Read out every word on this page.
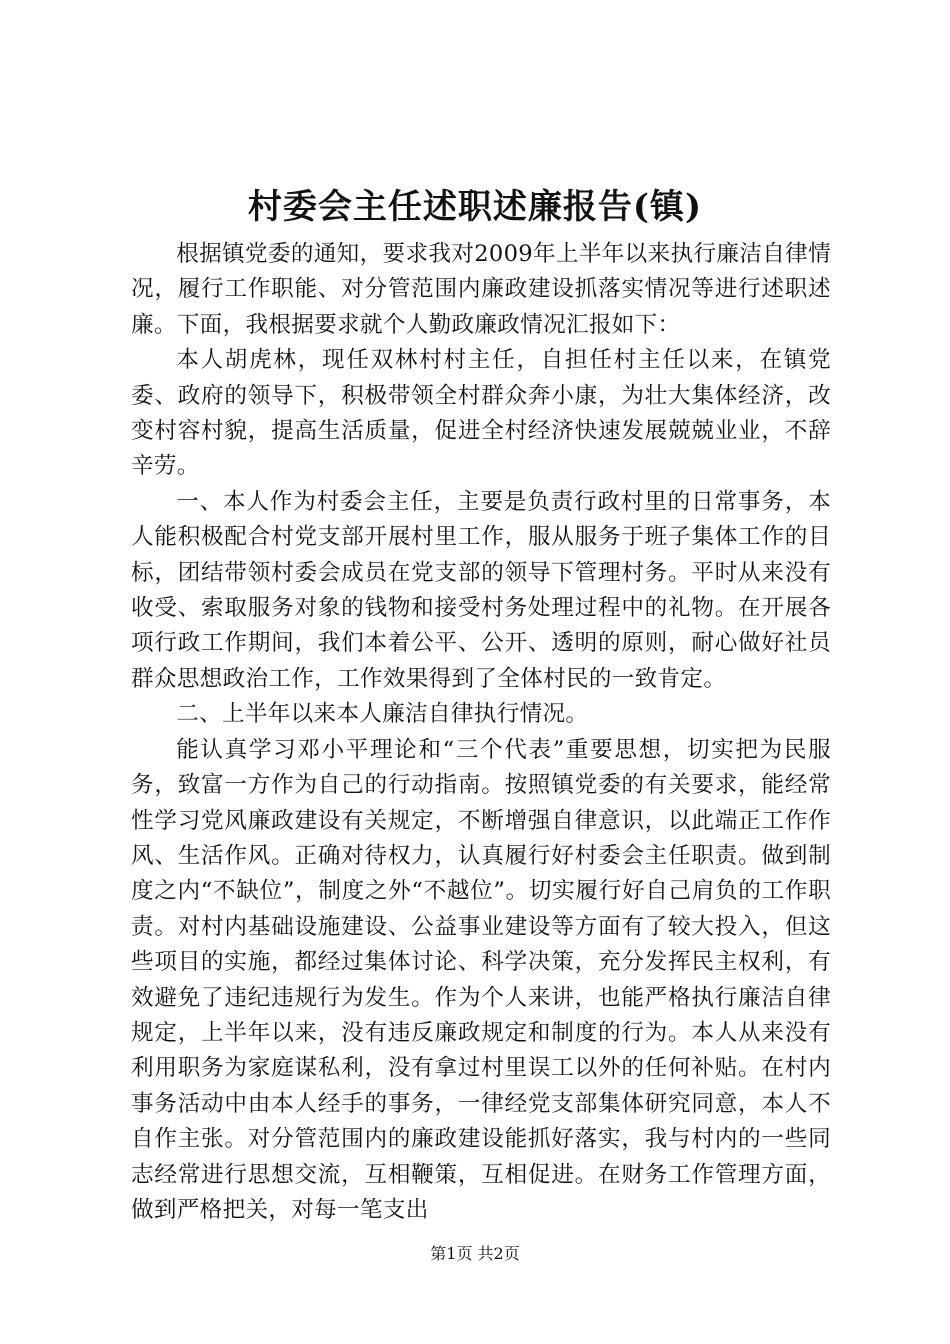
村委会主任述职述廉报告(镇)

根据镇党委的通知，要求我对2009年上半年以来执行廉洁自律情况，履行工作职能、对分管范围内廉政建设抓落实情况等进行述职述廉。下面，我根据要求就个人勤政廉政情况汇报如下：

本人胡虎林，现任双林村村主任，自担任村主任以来，在镇党委、政府的领导下，积极带领全村群众奔小康，为壮大集体经济，改变村容村貌，提高生活质量，促进全村经济快速发展兢兢业业，不辞辛劳。

一、本人作为村委会主任，主要是负责行政村里的日常事务，本人能积极配合村党支部开展村里工作，服从服务于班子集体工作的目标，团结带领村委会成员在党支部的领导下管理村务。平时从来没有收受、索取服务对象的钱物和接受村务处理过程中的礼物。在开展各项行政工作期间，我们本着公平、公开、透明的原则，耐心做好社员群众思想政治工作，工作效果得到了全体村民的一致肯定。

二、上半年以来本人廉洁自律执行情况。

能认真学习邓小平理论和“三个代表”重要思想，切实把为民服务，致富一方作为自己的行动指南。按照镇党委的有关要求，能经常性学习党风廉政建设有关规定，不断增强自律意识，以此端正工作作风、生活作风。正确对待权力，认真履行好村委会主任职责。做到制度之内“不缺位”，制度之外“不越位”。切实履行好自己肩负的工作职责。对村内基础设施建设、公益事业建设等方面有了较大投入，但这些项目的实施，都经过集体讨论、科学决策，充分发挥民主权利，有效避免了违纪违规行为发生。作为个人来讲，也能严格执行廉洁自律规定，上半年以来，没有违反廉政规定和制度的行为。本人从来没有利用职务为家庭谋私利，没有拿过村里误工以外的任何补贴。在村内事务活动中由本人经手的事务，一律经党支部集体研究同意，本人不自作主张。对分管范围内的廉政建设能抓好落实，我与村内的一些同志经常进行思想交流，互相鞭策，互相促进。在财务工作管理方面，做到严格把关，对每一笔支出

第1页 共2页
